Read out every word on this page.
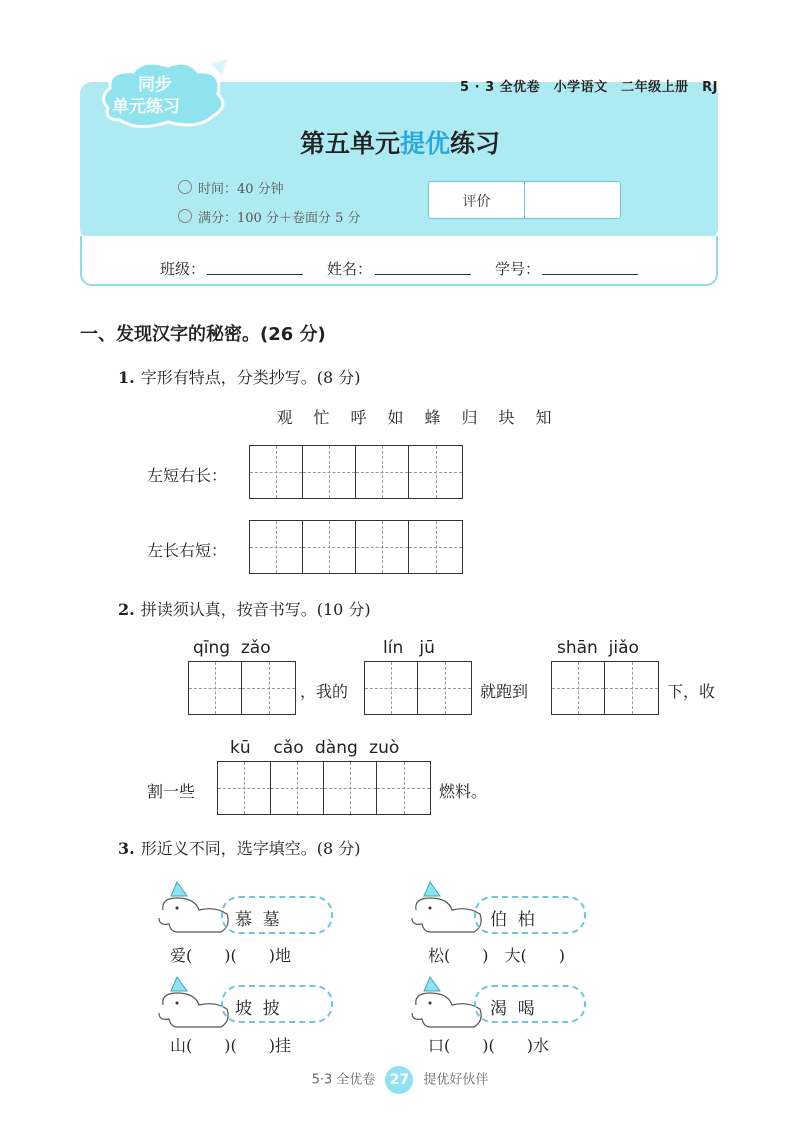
同步
单元练习
5 · 3 全优卷　小学语文　二年级上册　RJ
第五单元提优练习
时间：40 分钟
满分：100 分＋卷面分 5 分
评价
班级：	姓名：	学号：
一、发现汉字的秘密。(26 分)
1. 字形有特点，分类抄写。(8 分)
观 忙 呼 如 蜂 归 块 知
左短右长：
左长右短：
2. 拼读须认真，按音书写。(10 分)
qīng  zǎo
，我的
lín   jū
就跑到
shān  jiǎo
下，收
kū  cǎo dàng zuò
割一些	燃料。
3. 形近义不同，选字填空。(8 分)
慕  墓
爱(　　)(　　)地
伯  柏
松(　　)　大(　　)
坡  披
山(　　)(　　)挂
渴  喝
口(　　)(　　)水
5·3 全优卷 27 提优好伙伴
